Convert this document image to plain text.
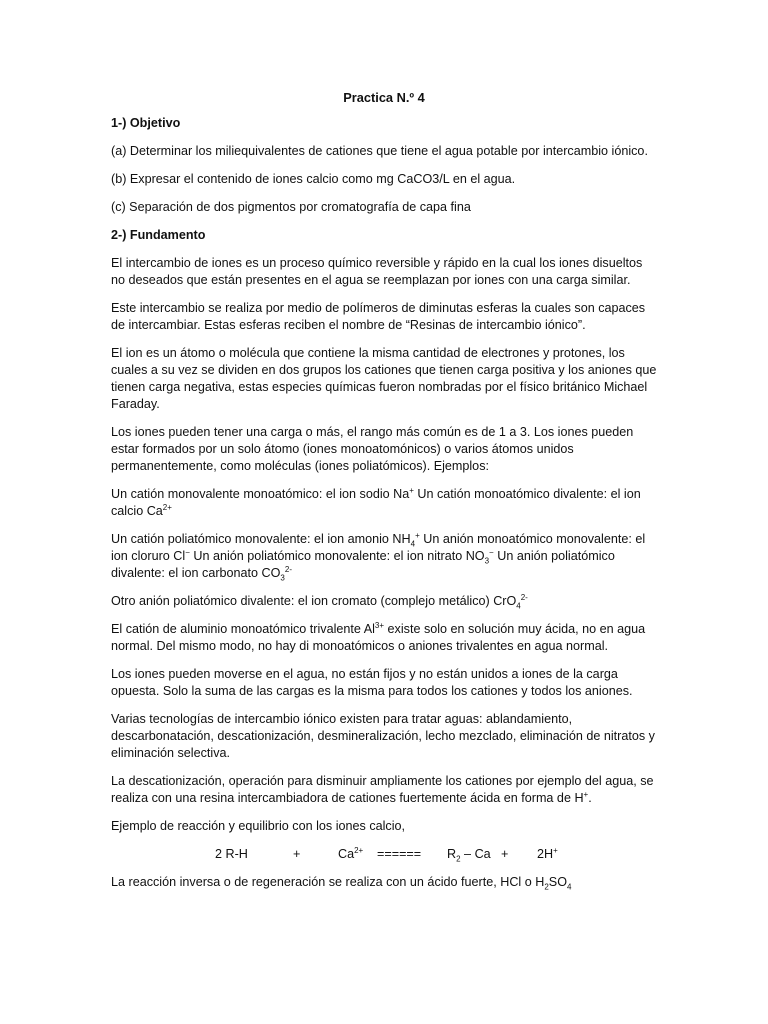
Practica N.º 4
1-) Objetivo

(a) Determinar los miliequivalentes de cationes que tiene el agua potable por intercambio iónico.

(b) Expresar el contenido de iones calcio como mg CaCO3/L en el agua.

(c) Separación de dos pigmentos por cromatografía de capa fina

2-) Fundamento

El intercambio de iones es un proceso químico reversible y rápido en la cual los iones disueltos no deseados que están presentes en el agua se reemplazan por iones con una carga similar.

Este intercambio se realiza por medio de polímeros de diminutas esferas la cuales son capaces de intercambiar. Estas esferas reciben el nombre de “Resinas de intercambio iónico”.

El ion es un átomo o molécula que contiene la misma cantidad de electrones y protones, los cuales a su vez se dividen en dos grupos los cationes que tienen carga positiva y los aniones que tienen carga negativa, estas especies químicas fueron nombradas por el físico británico Michael Faraday.

Los iones pueden tener una carga o más, el rango más común es de 1 a 3. Los iones pueden estar formados por un solo átomo (iones monoatomónicos) o varios átomos unidos permanentemente, como moléculas (iones poliatómicos). Ejemplos:

Un catión monovalente monoatómico: el ion sodio Na+ Un catión monoatómico divalente: el ion calcio $Ca^{2+}$

Un catión poliatómico monovalente: el ion amonio $NH_4^+$ Un anión monoatómico monovalente: el ion cloruro Cl− Un anión poliatómico monovalente: el ion nitrato $NO_3^-$ Un anión poliatómico divalente: el ion carbonato $CO_3^{2-}$

Otro anión poliatómico divalente: el ion cromato (complejo metálico) CrO$_4^{2-}$

El catión de aluminio monoatómico trivalente $Al^{3+}$ existe solo en solución muy ácida, no en agua normal. Del mismo modo, no hay di monoatómicos o aniones trivalentes en agua normal.

Los iones pueden moverse en el agua, no están fijos y no están unidos a iones de la carga opuesta. Solo la suma de las cargas es la misma para todos los cationes y todos los aniones.

Varias tecnologías de intercambio iónico existen para tratar aguas: ablandamiento, descarbonatación, descationización, desmineralización, lecho mezclado, eliminación de nitratos y eliminación selectiva.

La descationización, operación para disminuir ampliamente los cationes por ejemplo del agua, se realiza con una resina intercambiadora de cationes fuertemente ácida en forma de H+.

Ejemplo de reacción y equilibrio con los iones calcio,

2 R-H	+	$Ca^{2+}$ ====== $R_2 - Ca + 2H^+$

La reacción inversa o de regeneración se realiza con un ácido fuerte, HCl o $H_2SO_4$
